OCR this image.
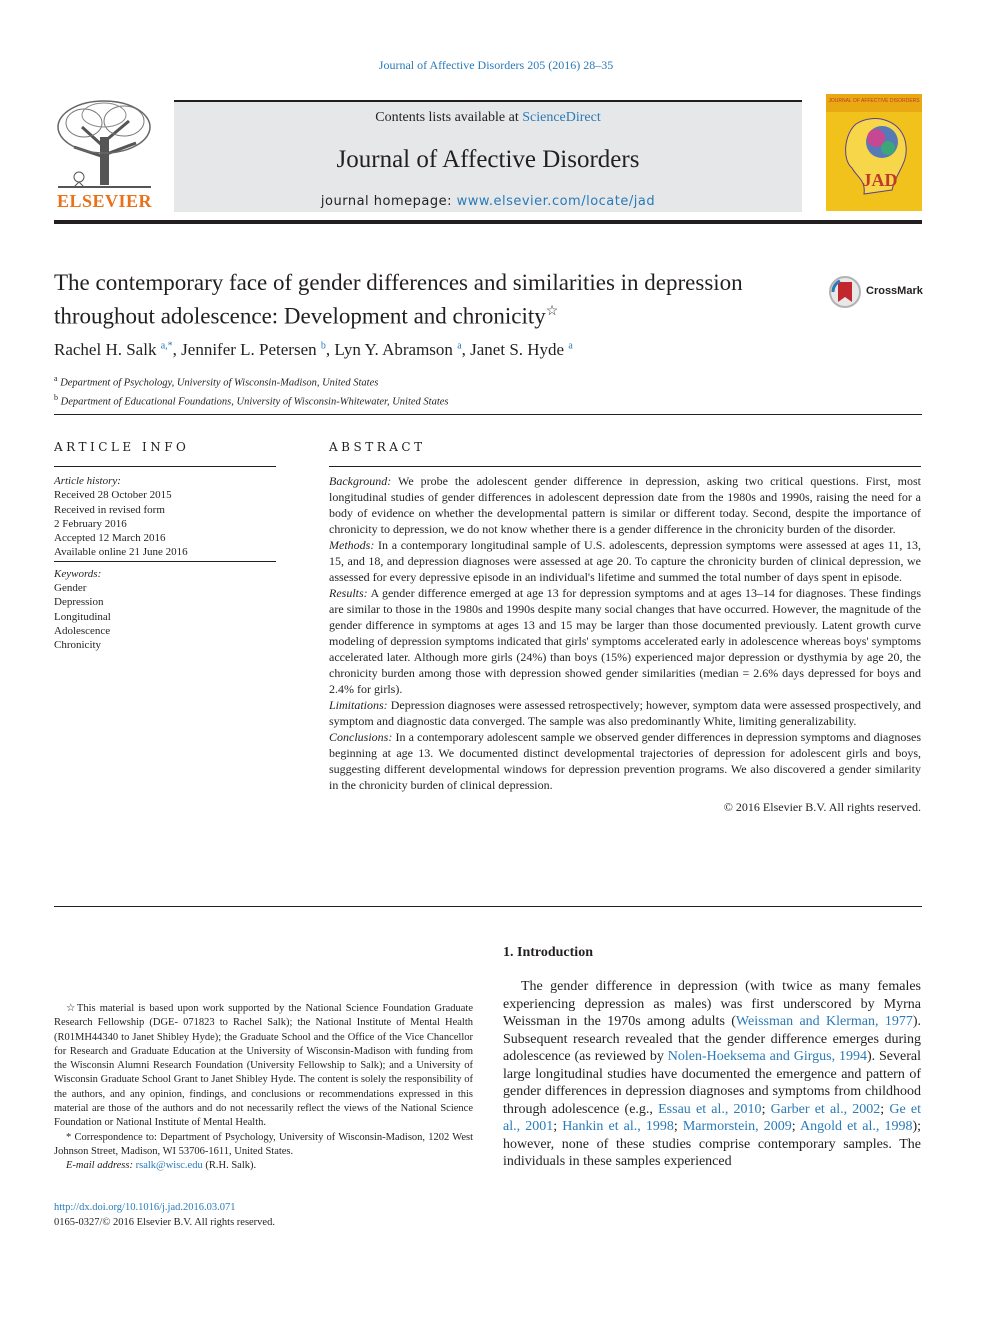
Journal of Affective Disorders 205 (2016) 28–35
ELSEVIER
Contents lists available at ScienceDirect
Journal of Affective Disorders
journal homepage: www.elsevier.com/locate/jad
JOURNAL OF AFFECTIVE DISORDERS
JAD
The contemporary face of gender differences and similarities in depression throughout adolescence: Development and chronicity☆
CrossMark
Rachel H. Salk $^{a,*}$, Jennifer L. Petersen $^b$, Lyn Y. Abramson $^a$, Janet S. Hyde $^a$
$^a$ Department of Psychology, University of Wisconsin-Madison, United States
$^b$ Department of Educational Foundations, University of Wisconsin-Whitewater, United States
ARTICLE INFO	ABSTRACT
Article history:
Received 28 October 2015
Received in revised form
2 February 2016
Accepted 12 March 2016
Available online 21 June 2016
Keywords:
Gender
Depression
Longitudinal
Adolescence
Chronicity

Background: We probe the adolescent gender difference in depression, asking two critical questions. First, most longitudinal studies of gender differences in adolescent depression date from the 1980s and 1990s, raising the need for a body of evidence on whether the developmental pattern is similar or different today. Second, despite the importance of chronicity to depression, we do not know whether there is a gender difference in the chronicity burden of the disorder.

Methods: In a contemporary longitudinal sample of U.S. adolescents, depression symptoms were assessed at ages 11, 13, 15, and 18, and depression diagnoses were assessed at age 20. To capture the chronicity burden of clinical depression, we assessed for every depressive episode in an individual's lifetime and summed the total number of days spent in episode.

Results: A gender difference emerged at age 13 for depression symptoms and at ages 13–14 for diagnoses. These findings are similar to those in the 1980s and 1990s despite many social changes that have occurred. However, the magnitude of the gender difference in symptoms at ages 13 and 15 may be larger than those documented previously. Latent growth curve modeling of depression symptoms indicated that girls' symptoms accelerated early in adolescence whereas boys' symptoms accelerated later. Although more girls (24%) than boys (15%) experienced major depression or dysthymia by age 20, the chronicity burden among those with depression showed gender similarities (median = 2.6% days depressed for boys and 2.4% for girls).

Limitations: Depression diagnoses were assessed retrospectively; however, symptom data were assessed prospectively, and symptom and diagnostic data converged. The sample was also predominantly White, limiting generalizability.

Conclusions: In a contemporary adolescent sample we observed gender differences in depression symptoms and diagnoses beginning at age 13. We documented distinct developmental trajectories of depression for adolescent girls and boys, suggesting different developmental windows for depression prevention programs. We also discovered a gender similarity in the chronicity burden of clinical depression.

© 2016 Elsevier B.V. All rights reserved.

1. Introduction
The gender difference in depression (with twice as many females experiencing depression as males) was first underscored by Myrna Weissman in the 1970s among adults (Weissman and Klerman, 1977). Subsequent research revealed that the gender difference emerges during adolescence (as reviewed by Nolen-Hoeksema and Girgus, 1994). Several large longitudinal studies have documented the emergence and pattern of gender differences in depression diagnoses and symptoms from childhood through adolescence (e.g., Essau et al., 2010; Garber et al., 2002; Ge et al., 2001; Hankin et al., 1998; Marmorstein, 2009; Angold et al., 1998); however, none of these studies comprise contemporary samples. The individuals in these samples experienced

☆This material is based upon work supported by the National Science Foundation Graduate Research Fellowship (DGE- 071823 to Rachel Salk); the National Institute of Mental Health (R01MH44340 to Janet Shibley Hyde); the Graduate School and the Office of the Vice Chancellor for Research and Graduate Education at the University of Wisconsin-Madison with funding from the Wisconsin Alumni Research Foundation (University Fellowship to Salk); and a University of Wisconsin Graduate School Grant to Janet Shibley Hyde. The content is solely the responsibility of the authors, and any opinion, findings, and conclusions or recommendations expressed in this material are those of the authors and do not necessarily reflect the views of the National Science Foundation or National Institute of Mental Health.

* Correspondence to: Department of Psychology, University of Wisconsin-Madison, 1202 West Johnson Street, Madison, WI 53706-1611, United States.

E-mail address: rsalk@wisc.edu (R.H. Salk).

http://dx.doi.org/10.1016/j.jad.2016.03.071
0165-0327/© 2016 Elsevier B.V. All rights reserved.
